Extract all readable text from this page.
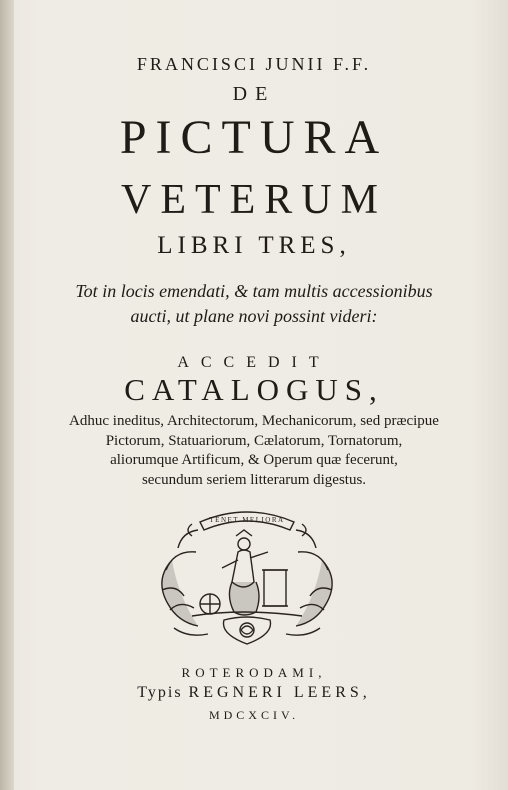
FRANCISCI JUNII F.F.
DE
PICTURA
VETERUM
LIBRI TRES,
Tot in locis emendati, & tam multis accessionibus
aucti, ut plane novi possint videri:
ACCEDIT
CATALOGUS,
Adhuc ineditus, Architectorum, Mechanicorum, sed præcipue
Pictorum, Statuariorum, Cælatorum, Tornatorum,
aliorumque Artificum, & Operum quæ fecerunt,
secundum seriem litterarum digestus.
TENET MELIORA
ROTERODAMI,
Typis REGNERI LEERS,
MDCXCIV.
